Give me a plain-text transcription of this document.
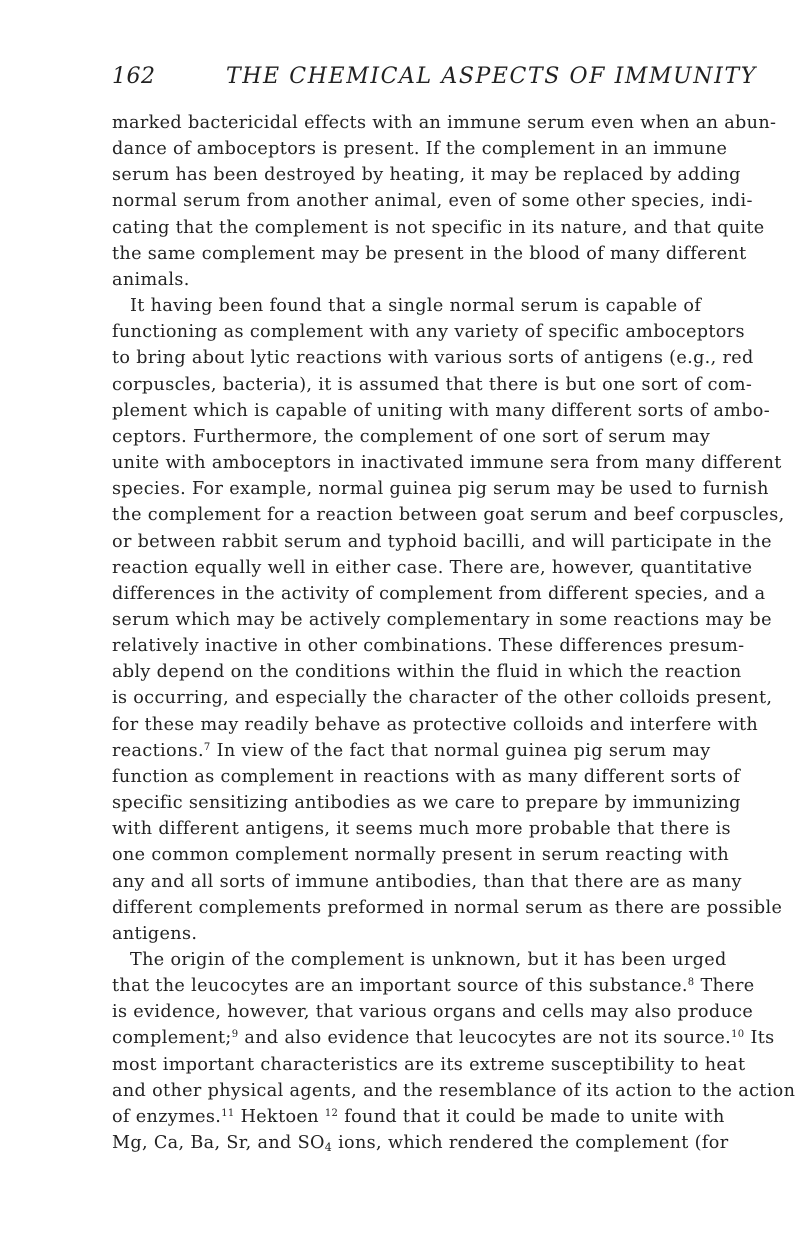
162	THE CHEMICAL ASPECTS OF IMMUNITY

marked bactericidal effects with an immune serum even when an abun-
dance of amboceptors is present. If the complement in an immune
serum has been destroyed by heating, it may be replaced by adding
normal serum from another animal, even of some other species, indi-
cating that the complement is not specific in its nature, and that quite
the same complement may be present in the blood of many different
animals.

It having been found that a single normal serum is capable of
functioning as complement with any variety of specific amboceptors
to bring about lytic reactions with various sorts of antigens (e.g., red
corpuscles, bacteria), it is assumed that there is but one sort of com-
plement which is capable of uniting with many different sorts of ambo-
ceptors. Furthermore, the complement of one sort of serum may
unite with amboceptors in inactivated immune sera from many different
species. For example, normal guinea pig serum may be used to furnish
the complement for a reaction between goat serum and beef corpuscles,
or between rabbit serum and typhoid bacilli, and will participate in the
reaction equally well in either case. There are, however, quantitative
differences in the activity of complement from different species, and a
serum which may be actively complementary in some reactions may be
relatively inactive in other combinations. These differences presum-
ably depend on the conditions within the fluid in which the reaction
is occurring, and especially the character of the other colloids present,
for these may readily behave as protective colloids and interfere with
reactions.$^7$ In view of the fact that normal guinea pig serum may
function as complement in reactions with as many different sorts of
specific sensitizing antibodies as we care to prepare by immunizing
with different antigens, it seems much more probable that there is
one common complement normally present in serum reacting with
any and all sorts of immune antibodies, than that there are as many
different complements preformed in normal serum as there are possible
antigens.

The origin of the complement is unknown, but it has been urged
that the leucocytes are an important source of this substance.$^8$ There
is evidence, however, that various organs and cells may also produce
complement;$^9$ and also evidence that leucocytes are not its source.$^{10}$ Its
most important characteristics are its extreme susceptibility to heat
and other physical agents, and the resemblance of its action to the action
of enzymes.$^{11}$ Hektoen $^{12}$ found that it could be made to unite with
Mg, Ca, Ba, Sr, and $SO_4$ ions, which rendered the complement (for
